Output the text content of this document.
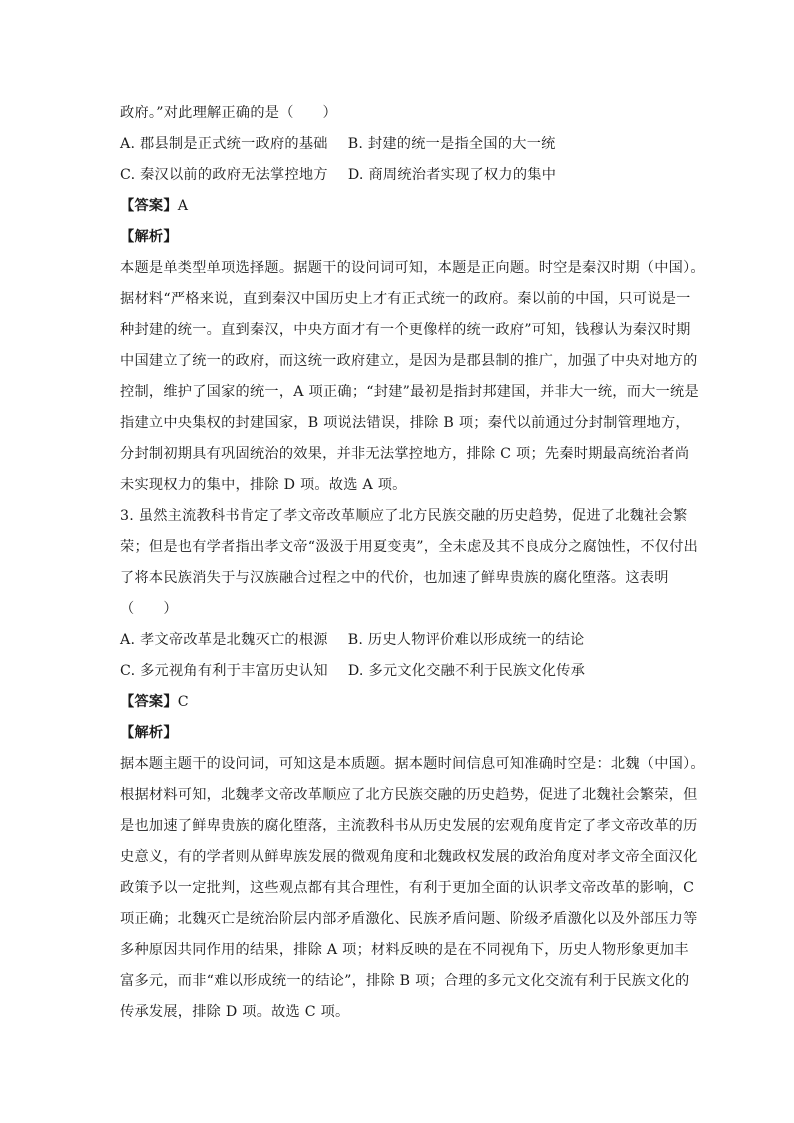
政府。”对此理解正确的是（　　）
A. 郡县制是正式统一政府的基础 B. 封建的统一是指全国的大一统
C. 秦汉以前的政府无法掌控地方 D. 商周统治者实现了权力的集中
【答案】A
【解析】
本题是单类型单项选择题。据题干的设问词可知，本题是正向题。时空是秦汉时期（中国）。
据材料“严格来说，直到秦汉中国历史上才有正式统一的政府。秦以前的中国，只可说是一
种封建的统一。直到秦汉，中央方面才有一个更像样的统一政府”可知，钱穆认为秦汉时期
中国建立了统一的政府，而这统一政府建立，是因为是郡县制的推广，加强了中央对地方的
控制，维护了国家的统一，A 项正确；“封建”最初是指封邦建国，并非大一统，而大一统是
指建立中央集权的封建国家，B 项说法错误，排除 B 项；秦代以前通过分封制管理地方，
分封制初期具有巩固统治的效果，并非无法掌控地方，排除 C 项；先秦时期最高统治者尚
未实现权力的集中，排除 D 项。故选 A 项。
3. 虽然主流教科书肯定了孝文帝改革顺应了北方民族交融的历史趋势，促进了北魏社会繁
荣；但是也有学者指出孝文帝“汲汲于用夏变夷”，全未虑及其不良成分之腐蚀性，不仅付出
了将本民族消失于与汉族融合过程之中的代价，也加速了鲜卑贵族的腐化堕落。这表明
（　　）
A. 孝文帝改革是北魏灭亡的根源 B. 历史人物评价难以形成统一的结论
C. 多元视角有利于丰富历史认知 D. 多元文化交融不利于民族文化传承
【答案】C
【解析】
据本题主题干的设问词，可知这是本质题。据本题时间信息可知准确时空是：北魏（中国）。
根据材料可知，北魏孝文帝改革顺应了北方民族交融的历史趋势，促进了北魏社会繁荣，但
是也加速了鲜卑贵族的腐化堕落，主流教科书从历史发展的宏观角度肯定了孝文帝改革的历
史意义，有的学者则从鲜卑族发展的微观角度和北魏政权发展的政治角度对孝文帝全面汉化
政策予以一定批判，这些观点都有其合理性，有利于更加全面的认识孝文帝改革的影响，C
项正确；北魏灭亡是统治阶层内部矛盾激化、民族矛盾问题、阶级矛盾激化以及外部压力等
多种原因共同作用的结果，排除 A 项；材料反映的是在不同视角下，历史人物形象更加丰
富多元，而非“难以形成统一的结论”，排除 B 项；合理的多元文化交流有利于民族文化的
传承发展，排除 D 项。故选 C 项。
